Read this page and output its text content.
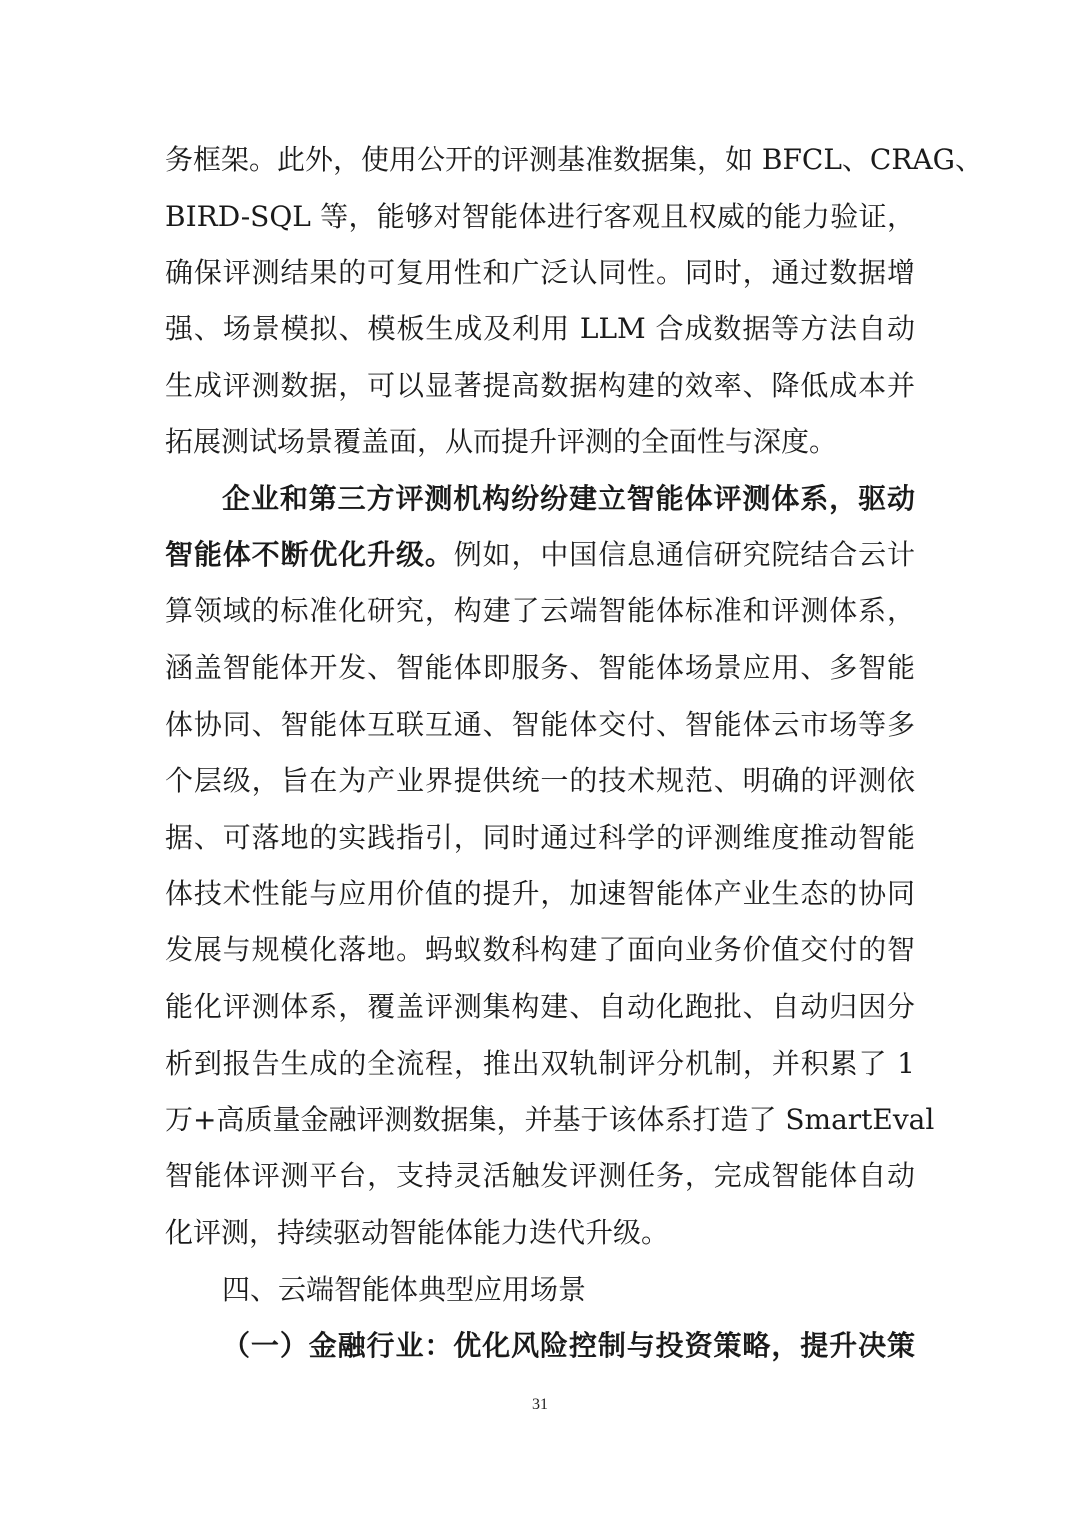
务框架。此外，使用公开的评测基准数据集，如 BFCL、CRAG、
BIRD-SQL 等，能够对智能体进行客观且权威的能力验证，
确保评测结果的可复用性和广泛认同性。同时，通过数据增
强、场景模拟、模板生成及利用 LLM 合成数据等方法自动
生成评测数据，可以显著提高数据构建的效率、降低成本并
拓展测试场景覆盖面，从而提升评测的全面性与深度。
企业和第三方评测机构纷纷建立智能体评测体系，驱动
智能体不断优化升级。例如，中国信息通信研究院结合云计
算领域的标准化研究，构建了云端智能体标准和评测体系，
涵盖智能体开发、智能体即服务、智能体场景应用、多智能
体协同、智能体互联互通、智能体交付、智能体云市场等多
个层级，旨在为产业界提供统一的技术规范、明确的评测依
据、可落地的实践指引，同时通过科学的评测维度推动智能
体技术性能与应用价值的提升，加速智能体产业生态的协同
发展与规模化落地。蚂蚁数科构建了面向业务价值交付的智
能化评测体系，覆盖评测集构建、自动化跑批、自动归因分
析到报告生成的全流程，推出双轨制评分机制，并积累了 1
万+高质量金融评测数据集，并基于该体系打造了 SmartEval
智能体评测平台，支持灵活触发评测任务，完成智能体自动
化评测，持续驱动智能体能力迭代升级。
四、云端智能体典型应用场景
（一）金融行业：优化风险控制与投资策略，提升决策
31
